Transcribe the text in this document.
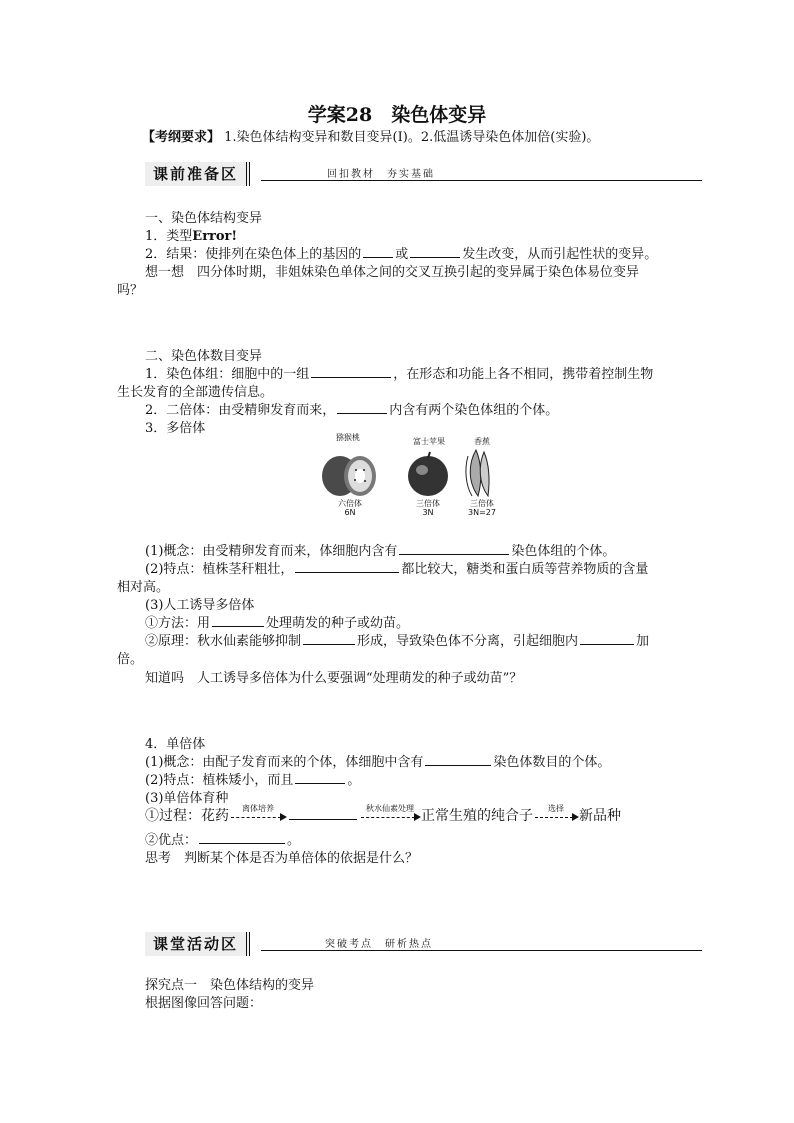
学案28　染色体变异
【考纲要求】 1.染色体结构变异和数目变异(Ⅰ)。2.低温诱导染色体加倍(实验)。
课前准备区	回扣教材　夯实基础
一、染色体结构变异
1．类型Error!
2．结果：使排列在染色体上的基因的	或	发生改变，从而引起性状的变异。
想一想　四分体时期，非姐妹染色单体之间的交叉互换引起的变异属于染色体易位变异
吗？
二、染色体数目变异
1．染色体组：细胞中的一组	，在形态和功能上各不相同，携带着控制生物
生长发育的全部遗传信息。
2．二倍体：由受精卵发育而来，	内含有两个染色体组的个体。
3．多倍体
猕猴桃	富士苹果	香蕉
六倍体
6N
三倍体
3N
三倍体
3N=27
(1)概念：由受精卵发育而来，体细胞内含有	染色体组的个体。
(2)特点：植株茎秆粗壮，	都比较大，糖类和蛋白质等营养物质的含量
相对高。
(3)人工诱导多倍体
①方法：用	处理萌发的种子或幼苗。
②原理：秋水仙素能够抑制	形成，导致染色体不分离，引起细胞内	加
倍。
知道吗　人工诱导多倍体为什么要强调“处理萌发的种子或幼苗”？
4．单倍体
(1)概念：由配子发育而来的个体，体细胞中含有	染色体数目的个体。
(2)特点：植株矮小，而且	。
(3)单倍体育种
①过程：花药	离体培养	秋水仙素处理 正常生殖的纯合子	选择	新品种
②优点：	。
思考　判断某个体是否为单倍体的依据是什么？
课堂活动区	突破考点　研析热点
探究点一　染色体结构的变异
根据图像回答问题：
